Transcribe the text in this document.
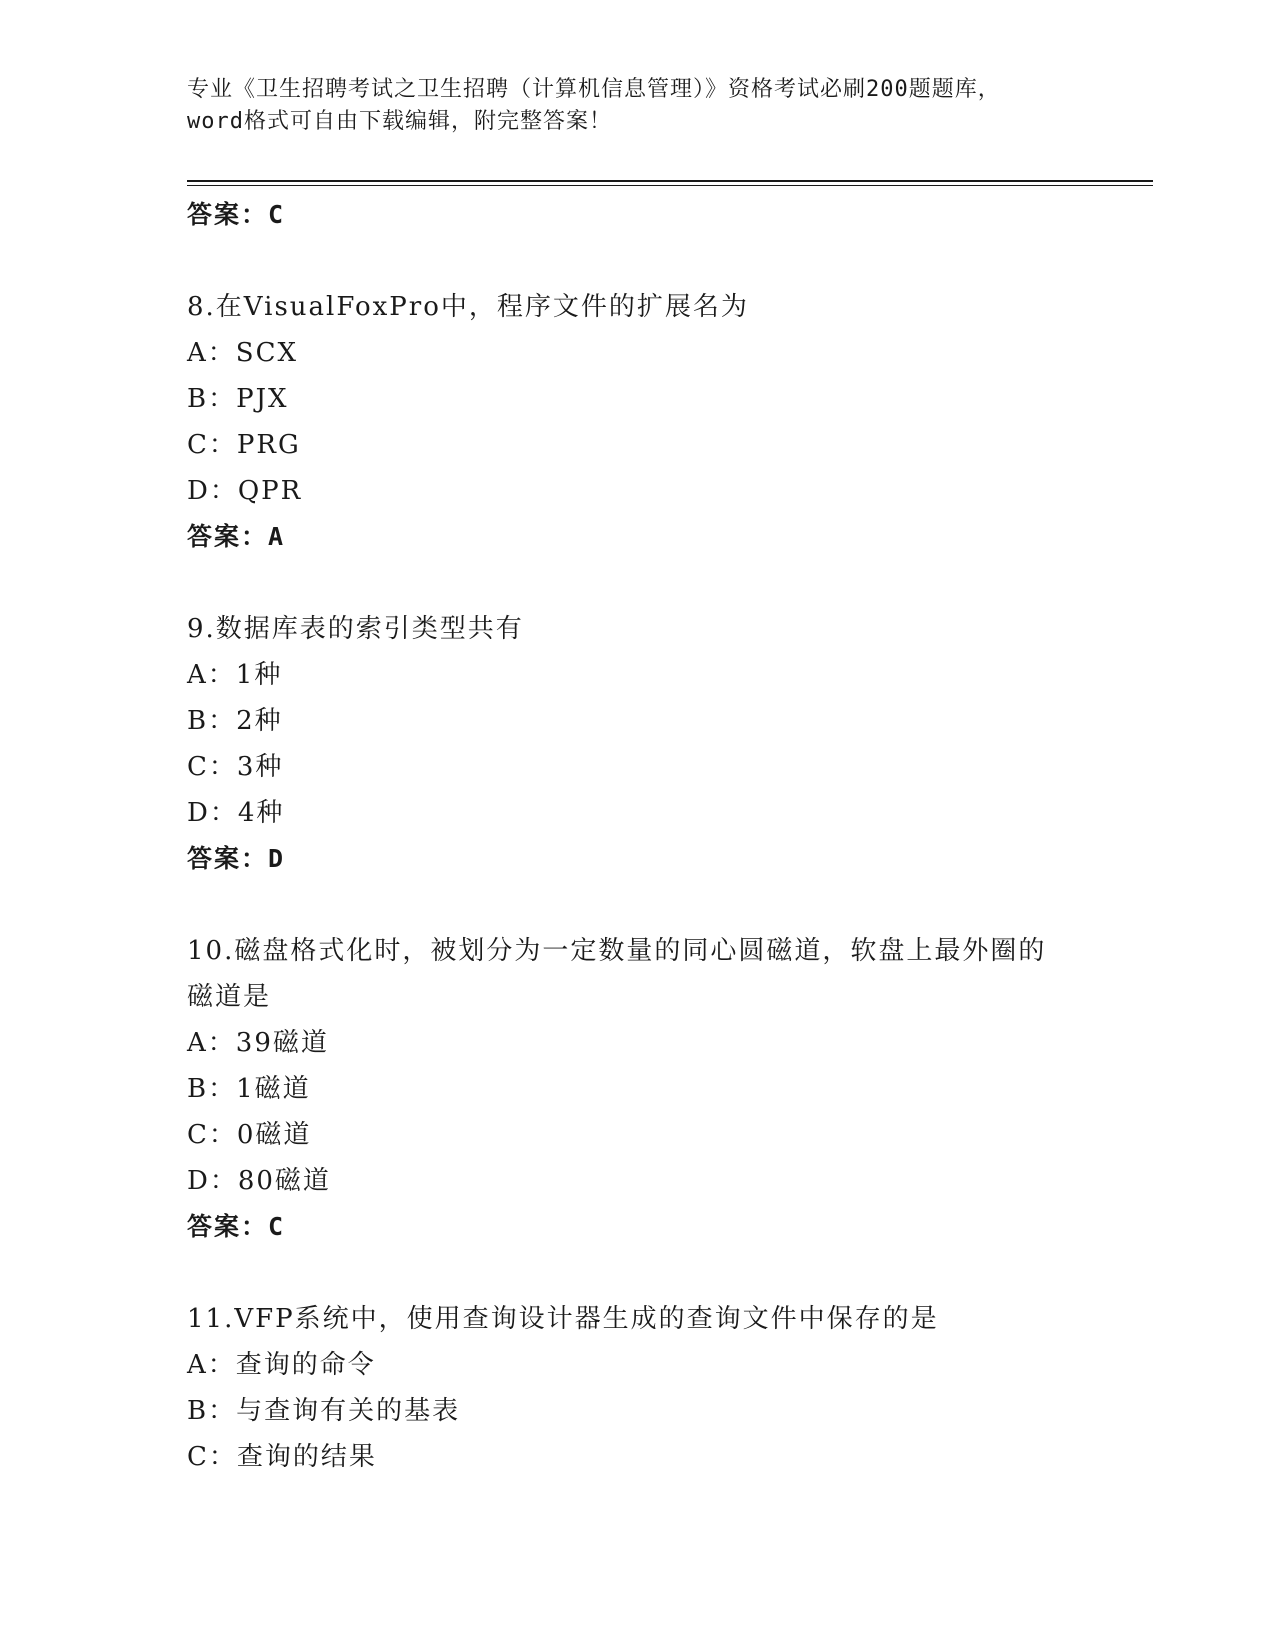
专业《卫生招聘考试之卫生招聘（计算机信息管理）》资格考试必刷200题题库，
word格式可自由下载编辑，附完整答案！
答案：C
8.在VisualFoxPro中，程序文件的扩展名为
A：SCX
B：PJX
C：PRG
D：QPR
答案：A
9.数据库表的索引类型共有
A：1种
B：2种
C：3种
D：4种
答案：D
10.磁盘格式化时，被划分为一定数量的同心圆磁道，软盘上最外圈的
磁道是
A：39磁道
B：1磁道
C：0磁道
D：80磁道
答案：C
11.VFP系统中，使用查询设计器生成的查询文件中保存的是
A：查询的命令
B：与查询有关的基表
C：查询的结果
